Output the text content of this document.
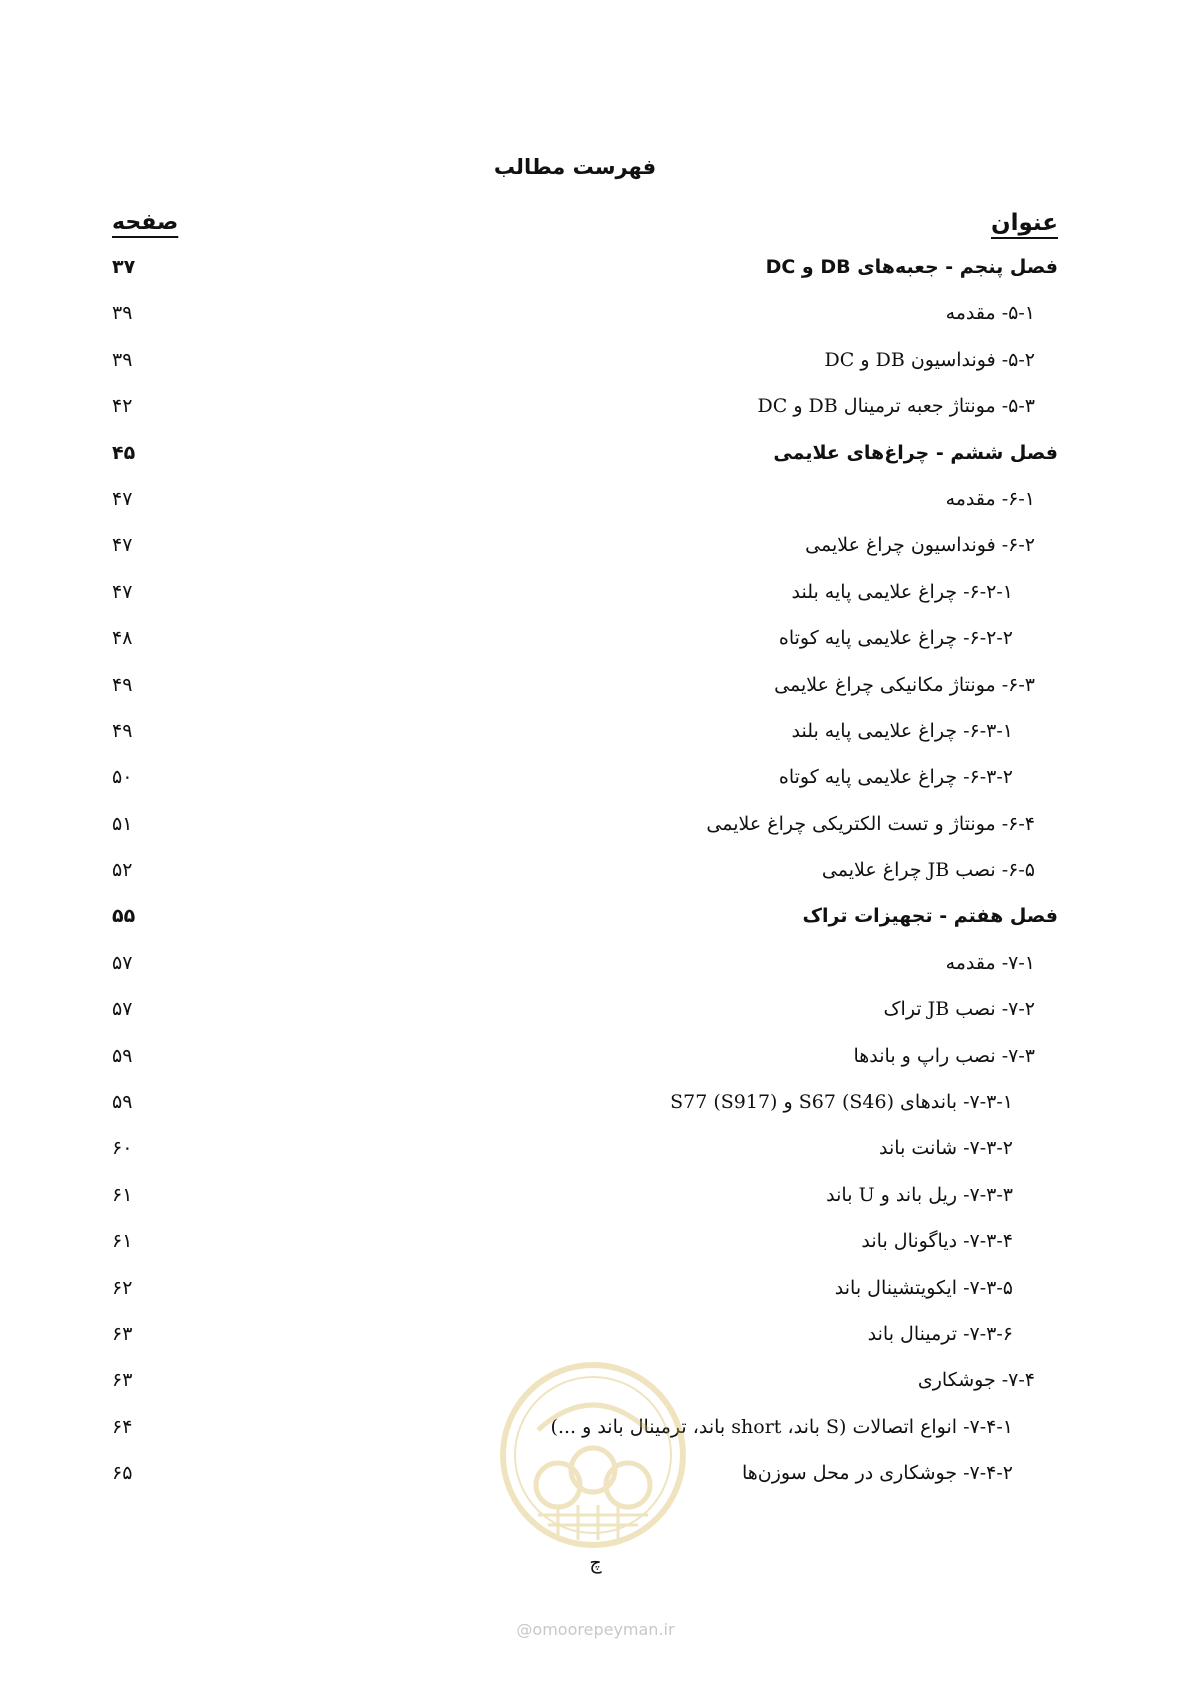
فهرست مطالب
عنوان
صفحه
فصل پنجم - جعبه‌های DB و DC
۳۷
۵-۱- مقدمه
۳۹
۵-۲- فونداسیون DB و DC
۳۹
۵-۳- مونتاژ جعبه ترمینال DB و DC
۴۲
فصل ششم - چراغ‌های علایمی
۴۵
۶-۱- مقدمه
۴۷
۶-۲- فونداسیون چراغ علایمی
۴۷
۶-۲-۱- چراغ علایمی پایه بلند
۴۷
۶-۲-۲- چراغ علایمی پایه کوتاه
۴۸
۶-۳- مونتاژ مکانیکی چراغ علایمی
۴۹
۶-۳-۱- چراغ علایمی پایه بلند
۴۹
۶-۳-۲- چراغ علایمی پایه کوتاه
۵۰
۶-۴- مونتاژ و تست الکتریکی چراغ علایمی
۵۱
۶-۵- نصب JB چراغ علایمی
۵۲
فصل هفتم - تجهیزات تراک
۵۵
۷-۱- مقدمه
۵۷
۷-۲- نصب JB تراک
۵۷
۷-۳- نصب راپ و باندها
۵۹
۷-۳-۱- باندهای S67 (S46) و S77 (S917)
۵۹
۷-۳-۲- شانت باند
۶۰
۷-۳-۳- ریل باند و U باند
۶۱
۷-۳-۴- دیاگونال باند
۶۱
۷-۳-۵- ایکویتشینال باند
۶۲
۷-۳-۶- ترمینال باند
۶۳
۷-۴- جوشکاری
۶۳
۷-۴-۱- انواع اتصالات (S باند، short باند، ترمینال باند و ...)
۶۴
۷-۴-۲- جوشکاری در محل سوزن‌ها
۶۵
چ
@omoorepeyman.ir
